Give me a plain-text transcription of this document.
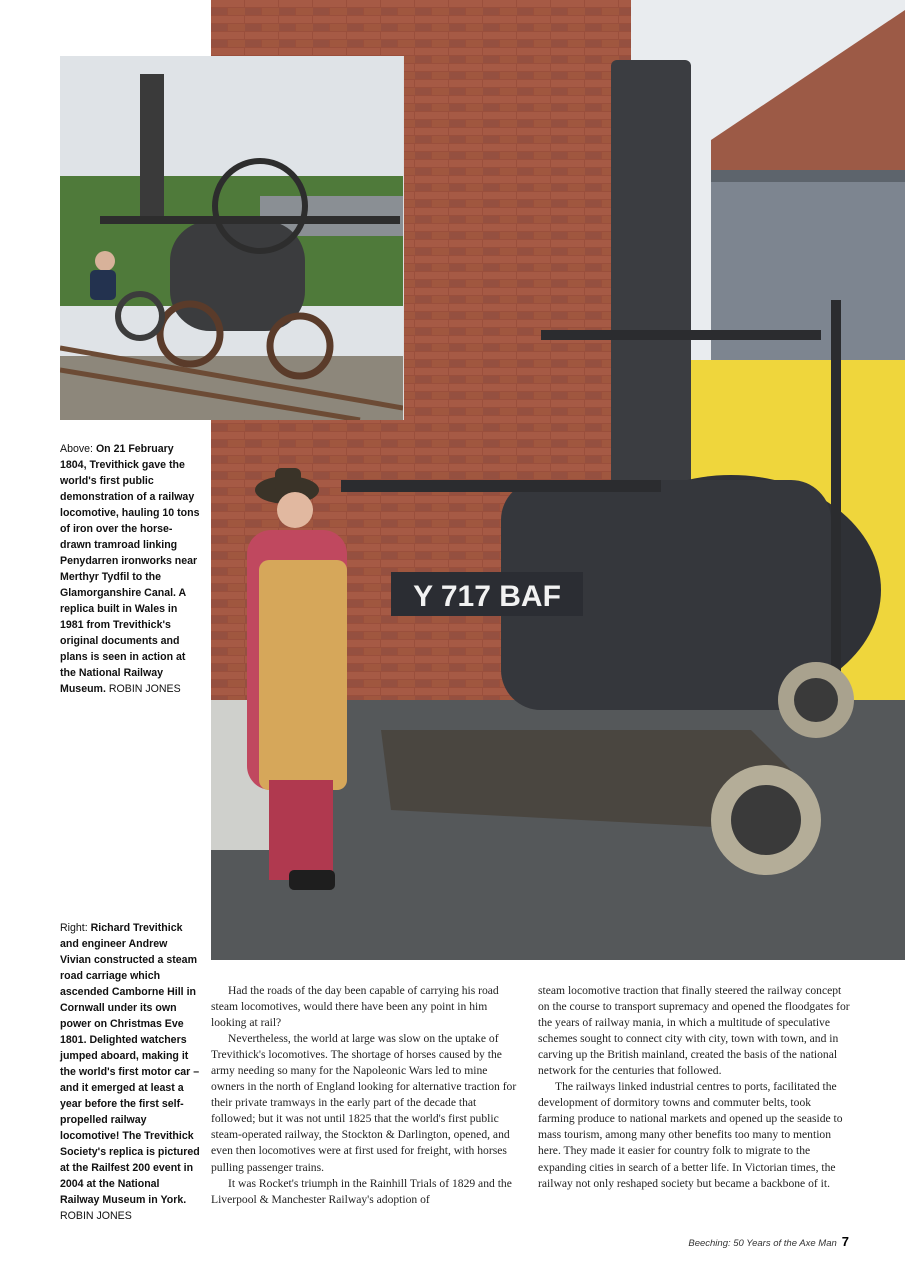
Y 717 BAF
Above: On 21 February 1804, Trevithick gave the world's first public demonstration of a railway locomotive, hauling 10 tons of iron over the horse-drawn tramroad linking Penydarren ironworks near Merthyr Tydfil to the Glamorganshire Canal. A replica built in Wales in 1981 from Trevithick's original documents and plans is seen in action at the National Railway Museum. ROBIN JONES
Right: Richard Trevithick and engineer Andrew Vivian constructed a steam road carriage which ascended Camborne Hill in Cornwall under its own power on Christmas Eve 1801. Delighted watchers jumped aboard, making it the world's first motor car – and it emerged at least a year before the first self-propelled railway locomotive! The Trevithick Society's replica is pictured at the Railfest 200 event in 2004 at the National Railway Museum in York. ROBIN JONES

Had the roads of the day been capable of carrying his road steam locomotives, would there have been any point in him looking at rail?

Nevertheless, the world at large was slow on the uptake of Trevithick's locomotives. The shortage of horses caused by the army needing so many for the Napoleonic Wars led to mine owners in the north of England looking for alternative traction for their private tramways in the early part of the decade that followed; but it was not until 1825 that the world's first public steam-operated railway, the Stockton & Darlington, opened, and even then locomotives were at first used for freight, with horses pulling passenger trains.

It was Rocket's triumph in the Rainhill Trials of 1829 and the Liverpool & Manchester Railway's adoption of

steam locomotive traction that finally steered the railway concept on the course to transport supremacy and opened the floodgates for the years of railway mania, in which a multitude of speculative schemes sought to connect city with city, town with town, and in carving up the British mainland, created the basis of the national network for the centuries that followed.

The railways linked industrial centres to ports, facilitated the development of dormitory towns and commuter belts, took farming produce to national markets and opened up the seaside to mass tourism, among many other benefits too many to mention here. They made it easier for country folk to migrate to the expanding cities in search of a better life. In Victorian times, the railway not only reshaped society but became a backbone of it.

Beeching: 50 Years of the Axe Man 7
